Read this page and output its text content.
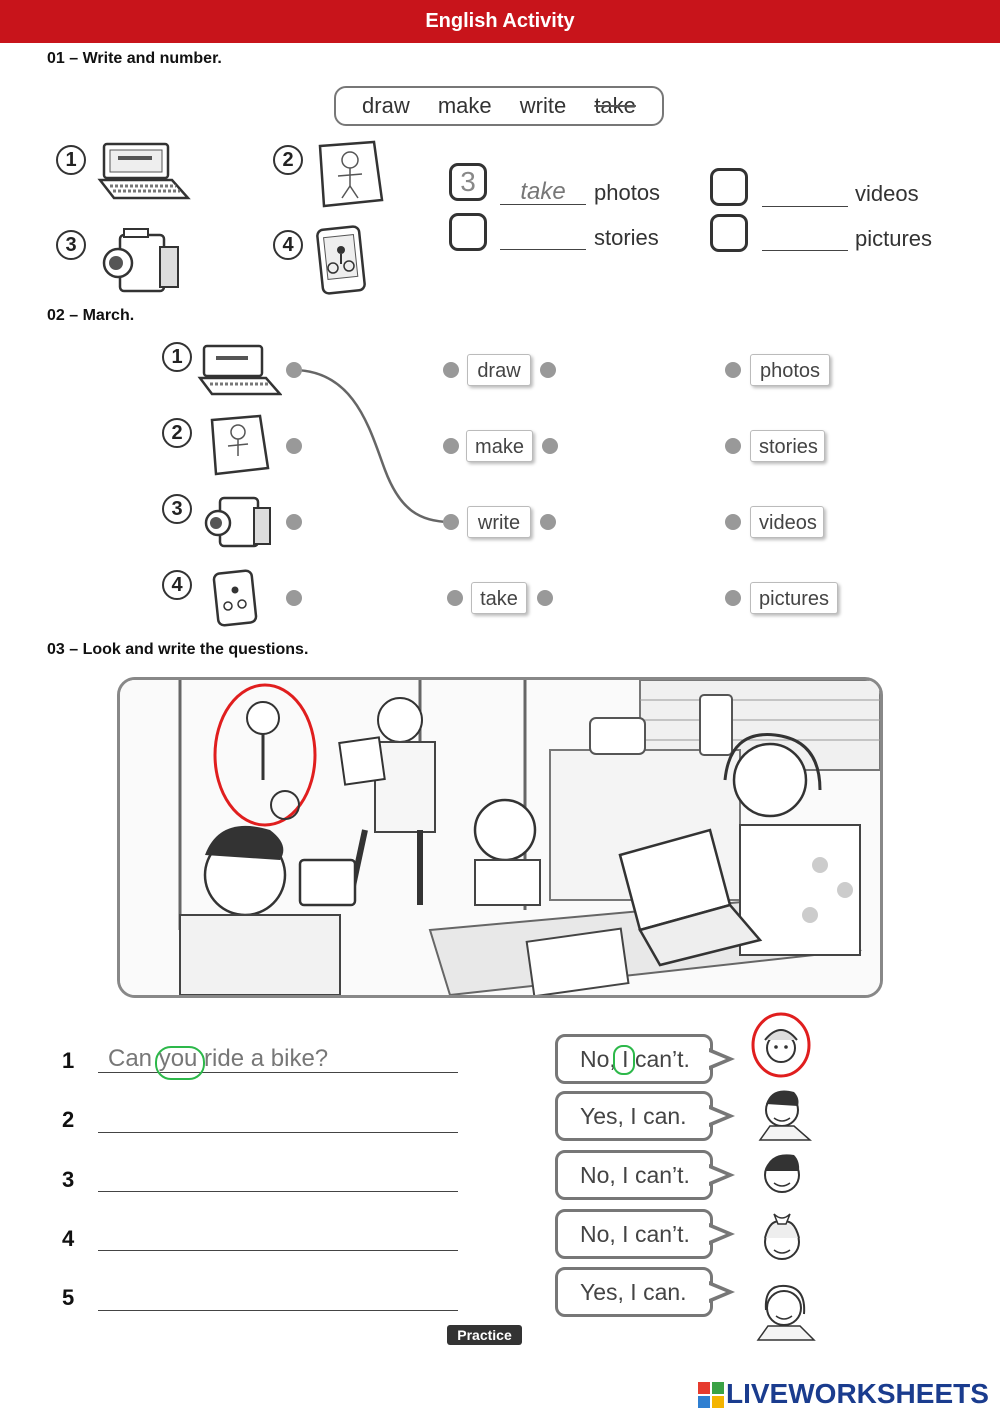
English Activity
01 – Write and number.
draw make write take
1	2
3	4
3	take	photos	videos
stories	pictures
02 – March.
1
2
3
4
draw
make
write
take
photos
stories
videos
pictures
03 – Look and write the questions.
1	Can you ride a bike?
2
3
4
5
No, I can’t.
Yes, I can.
No, I can’t.
No, I can’t.
Yes, I can.
Practice
LIVEWORKSHEETS
